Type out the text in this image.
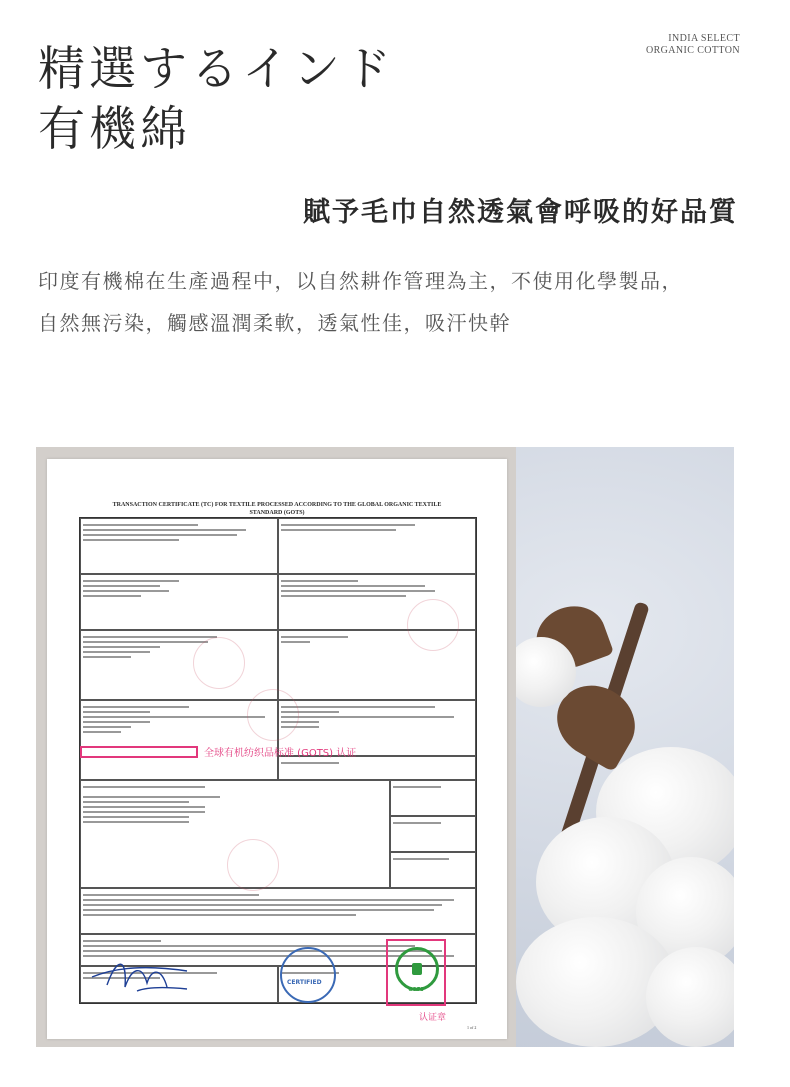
INDIA SELECT
ORGANIC COTTON
精選するインド
有機綿
賦予毛巾自然透氣會呼吸的好品質
印度有機棉在生產過程中，以自然耕作管理為主，不使用化學製品，
自然無污染，觸感溫潤柔軟，透氣性佳，吸汗快幹
TRANSACTION CERTIFICATE (TC) FOR TEXTILE PROCESSED ACCORDING TO THE GLOBAL ORGANIC TEXTILE
STANDARD (GOTS)
全球有机纺织品标准 (GOTS) 认证
CERTIFIED
GOTS
认证章
1 of 2
